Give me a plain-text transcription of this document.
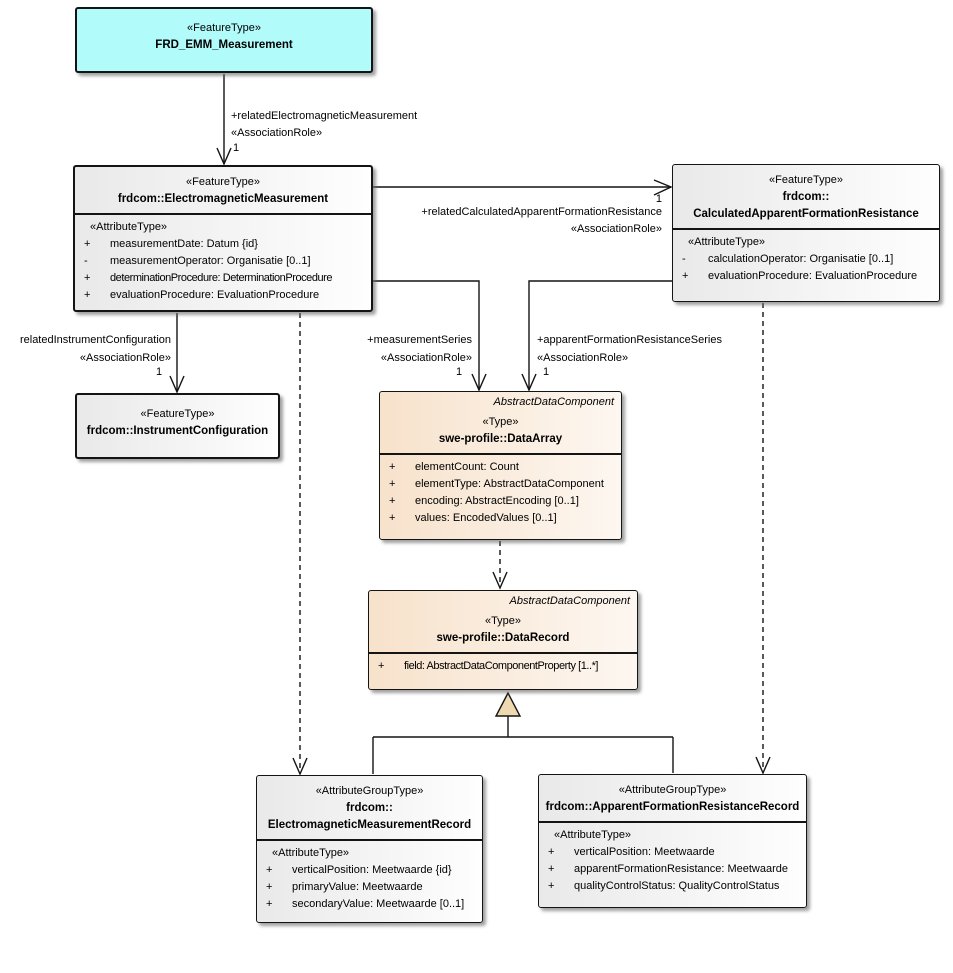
«FeatureType»
FRD_EMM_Measurement
«FeatureType»
frdcom::ElectromagneticMeasurement
«AttributeType»
+	measurementDate: Datum {id}
-	measurementOperator: Organisatie [0..1]
+	determinationProcedure: DeterminationProcedure
+	evaluationProcedure: EvaluationProcedure
«FeatureType»
frdcom::
CalculatedApparentFormationResistance
«AttributeType»
-	calculationOperator: Organisatie [0..1]
+	evaluationProcedure: EvaluationProcedure
«FeatureType»
frdcom::InstrumentConfiguration
AbstractDataComponent
«Type»
swe-profile::DataArray
+	elementCount: Count
+	elementType: AbstractDataComponent
+	encoding: AbstractEncoding [0..1]
+	values: EncodedValues [0..1]
AbstractDataComponent
«Type»
swe-profile::DataRecord
+	field: AbstractDataComponentProperty [1..*]
«AttributeGroupType»
frdcom::
ElectromagneticMeasurementRecord
«AttributeType»
+	verticalPosition: Meetwaarde {id}
+	primaryValue: Meetwaarde
+	secondaryValue: Meetwaarde [0..1]
«AttributeGroupType»
frdcom::ApparentFormationResistanceRecord
«AttributeType»
+	verticalPosition: Meetwaarde
+	apparentFormationResistance: Meetwaarde
+	qualityControlStatus: QualityControlStatus
+relatedElectromagneticMeasurement
«AssociationRole»
1
1
+relatedCalculatedApparentFormationResistance
«AssociationRole»
relatedInstrumentConfiguration
«AssociationRole»
1
+measurementSeries
«AssociationRole»
1
+apparentFormationResistanceSeries
«AssociationRole»
1
